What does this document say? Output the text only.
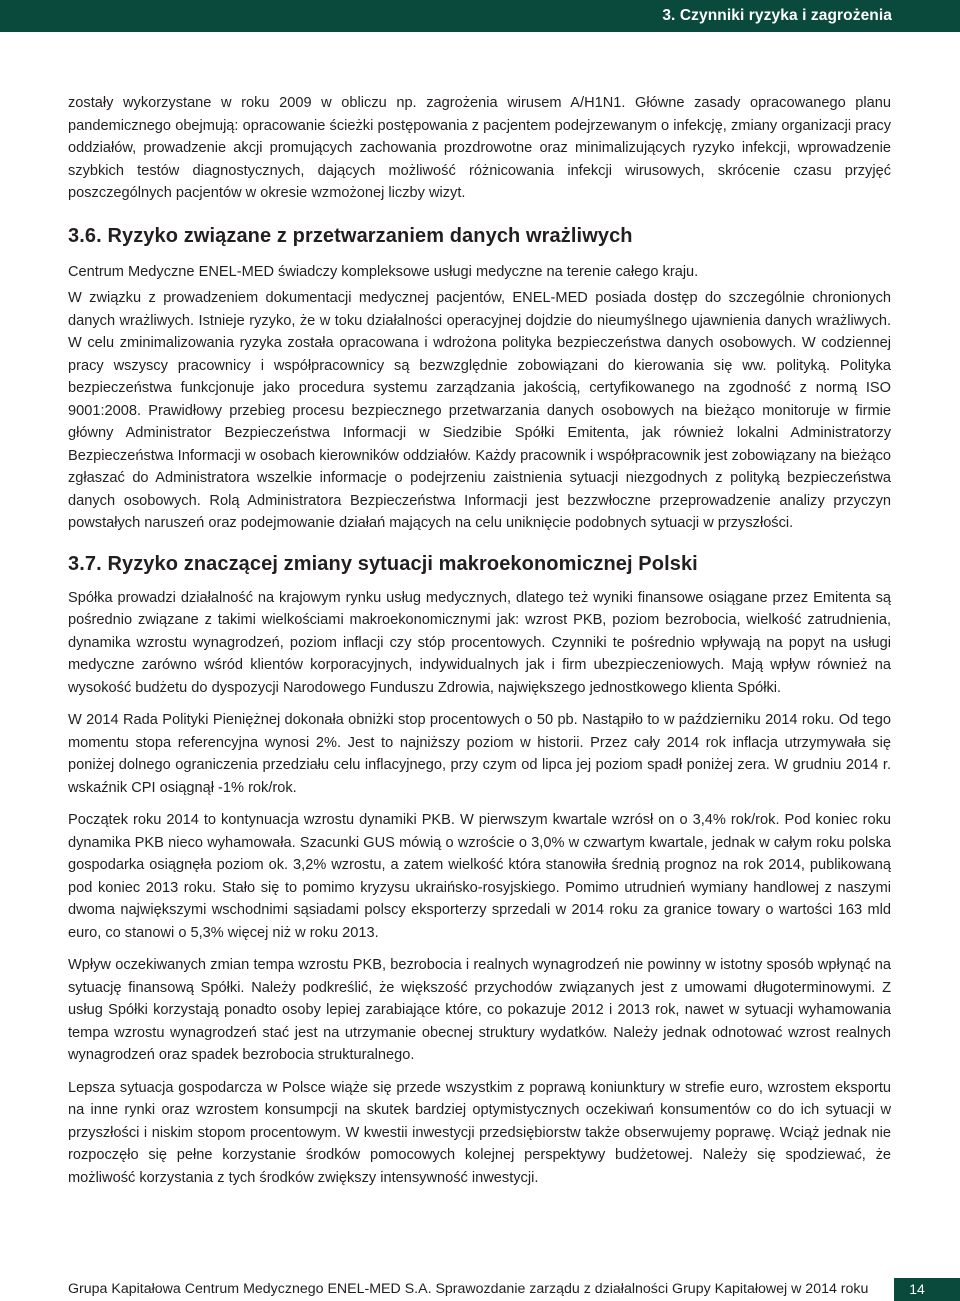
3. Czynniki ryzyka i zagrożenia

zostały wykorzystane w roku 2009 w obliczu np. zagrożenia wirusem A/H1N1. Główne zasady opracowanego planu pandemicznego obejmują: opracowanie ścieżki postępowania z pacjentem podejrzewanym o infekcję, zmiany organizacji pracy oddziałów, prowadzenie akcji promujących zachowania prozdrowotne oraz minimalizujących ryzyko infekcji, wprowadzenie szybkich testów diagnostycznych, dających możliwość różnicowania infekcji wirusowych, skrócenie czasu przyjęć poszczególnych pacjentów w okresie wzmożonej liczby wizyt.

3.6. Ryzyko związane z przetwarzaniem danych wrażliwych

Centrum Medyczne ENEL-MED świadczy kompleksowe usługi medyczne na terenie całego kraju.

W związku z prowadzeniem dokumentacji medycznej pacjentów, ENEL-MED posiada dostęp do szczególnie chronionych danych wrażliwych. Istnieje ryzyko, że w toku działalności operacyjnej dojdzie do nieumyślnego ujawnienia danych wrażliwych. W celu zminimalizowania ryzyka została opracowana i wdrożona polityka bezpieczeństwa danych osobowych. W codziennej pracy wszyscy pracownicy i współpracownicy są bezwzględnie zobowiązani do kierowania się ww. polityką. Polityka bezpieczeństwa funkcjonuje jako procedura systemu zarządzania jakością, certyfikowanego na zgodność z normą ISO 9001:2008. Prawidłowy przebieg procesu bezpiecznego przetwarzania danych osobowych na bieżąco monitoruje w firmie główny Administrator Bezpieczeństwa Informacji w Siedzibie Spółki Emitenta, jak również lokalni Administratorzy Bezpieczeństwa Informacji w osobach kierowników oddziałów. Każdy pracownik i współpracownik jest zobowiązany na bieżąco zgłaszać do Administratora wszelkie informacje o podejrzeniu zaistnienia sytuacji niezgodnych z polityką bezpieczeństwa danych osobowych. Rolą Administratora Bezpieczeństwa Informacji jest bezzwłoczne przeprowadzenie analizy przyczyn powstałych naruszeń oraz podejmowanie działań mających na celu uniknięcie podobnych sytuacji w przyszłości.

3.7. Ryzyko znaczącej zmiany sytuacji makroekonomicznej Polski

Spółka prowadzi działalność na krajowym rynku usług medycznych, dlatego też wyniki finansowe osiągane przez Emitenta są pośrednio związane z takimi wielkościami makroekonomicznymi jak: wzrost PKB, poziom bezrobocia, wielkość zatrudnienia, dynamika wzrostu wynagrodzeń, poziom inflacji czy stóp procentowych. Czynniki te pośrednio wpływają na popyt na usługi medyczne zarówno wśród klientów korporacyjnych, indywidualnych jak i firm ubezpieczeniowych. Mają wpływ również na wysokość budżetu do dyspozycji Narodowego Funduszu Zdrowia, największego jednostkowego klienta Spółki.

W 2014 Rada Polityki Pieniężnej dokonała obniżki stop procentowych o 50 pb. Nastąpiło to w październiku 2014 roku. Od tego momentu stopa referencyjna wynosi 2%. Jest to najniższy poziom w historii. Przez cały 2014 rok inflacja utrzymywała się poniżej dolnego ograniczenia przedziału celu inflacyjnego, przy czym od lipca jej poziom spadł poniżej zera. W grudniu 2014 r. wskaźnik CPI osiągnął -1% rok/rok.

Początek roku 2014 to kontynuacja wzrostu dynamiki PKB. W pierwszym kwartale wzrósł on o 3,4% rok/rok. Pod koniec roku dynamika PKB nieco wyhamowała. Szacunki GUS mówią o wzroście o 3,0% w czwartym kwartale, jednak w całym roku polska gospodarka osiągnęła poziom ok. 3,2% wzrostu, a zatem wielkość która stanowiła średnią prognoz na rok 2014, publikowaną pod koniec 2013 roku. Stało się to pomimo kryzysu ukraińsko-rosyjskiego. Pomimo utrudnień wymiany handlowej z naszymi dwoma największymi wschodnimi sąsiadami polscy eksporterzy sprzedali w 2014 roku za granice towary o wartości 163 mld euro, co stanowi o 5,3% więcej niż w roku 2013.

Wpływ oczekiwanych zmian tempa wzrostu PKB, bezrobocia i realnych wynagrodzeń nie powinny w istotny sposób wpłynąć na sytuację finansową Spółki. Należy podkreślić, że większość przychodów związanych jest z umowami długoterminowymi. Z usług Spółki korzystają ponadto osoby lepiej zarabiające które, co pokazuje 2012 i 2013 rok, nawet w sytuacji wyhamowania tempa wzrostu wynagrodzeń stać jest na utrzymanie obecnej struktury wydatków. Należy jednak odnotować wzrost realnych wynagrodzeń oraz spadek bezrobocia strukturalnego.

Lepsza sytuacja gospodarcza w Polsce wiąże się przede wszystkim z poprawą koniunktury w strefie euro, wzrostem eksportu na inne rynki oraz wzrostem konsumpcji na skutek bardziej optymistycznych oczekiwań konsumentów co do ich sytuacji w przyszłości i niskim stopom procentowym. W kwestii inwestycji przedsiębiorstw także obserwujemy poprawę. Wciąż jednak nie rozpoczęło się pełne korzystanie środków pomocowych kolejnej perspektywy budżetowej. Należy się spodziewać, że możliwość korzystania z tych środków zwiększy intensywność inwestycji.

Grupa Kapitałowa Centrum Medycznego ENEL-MED S.A. Sprawozdanie zarządu z działalności Grupy Kapitałowej w 2014 roku	14
